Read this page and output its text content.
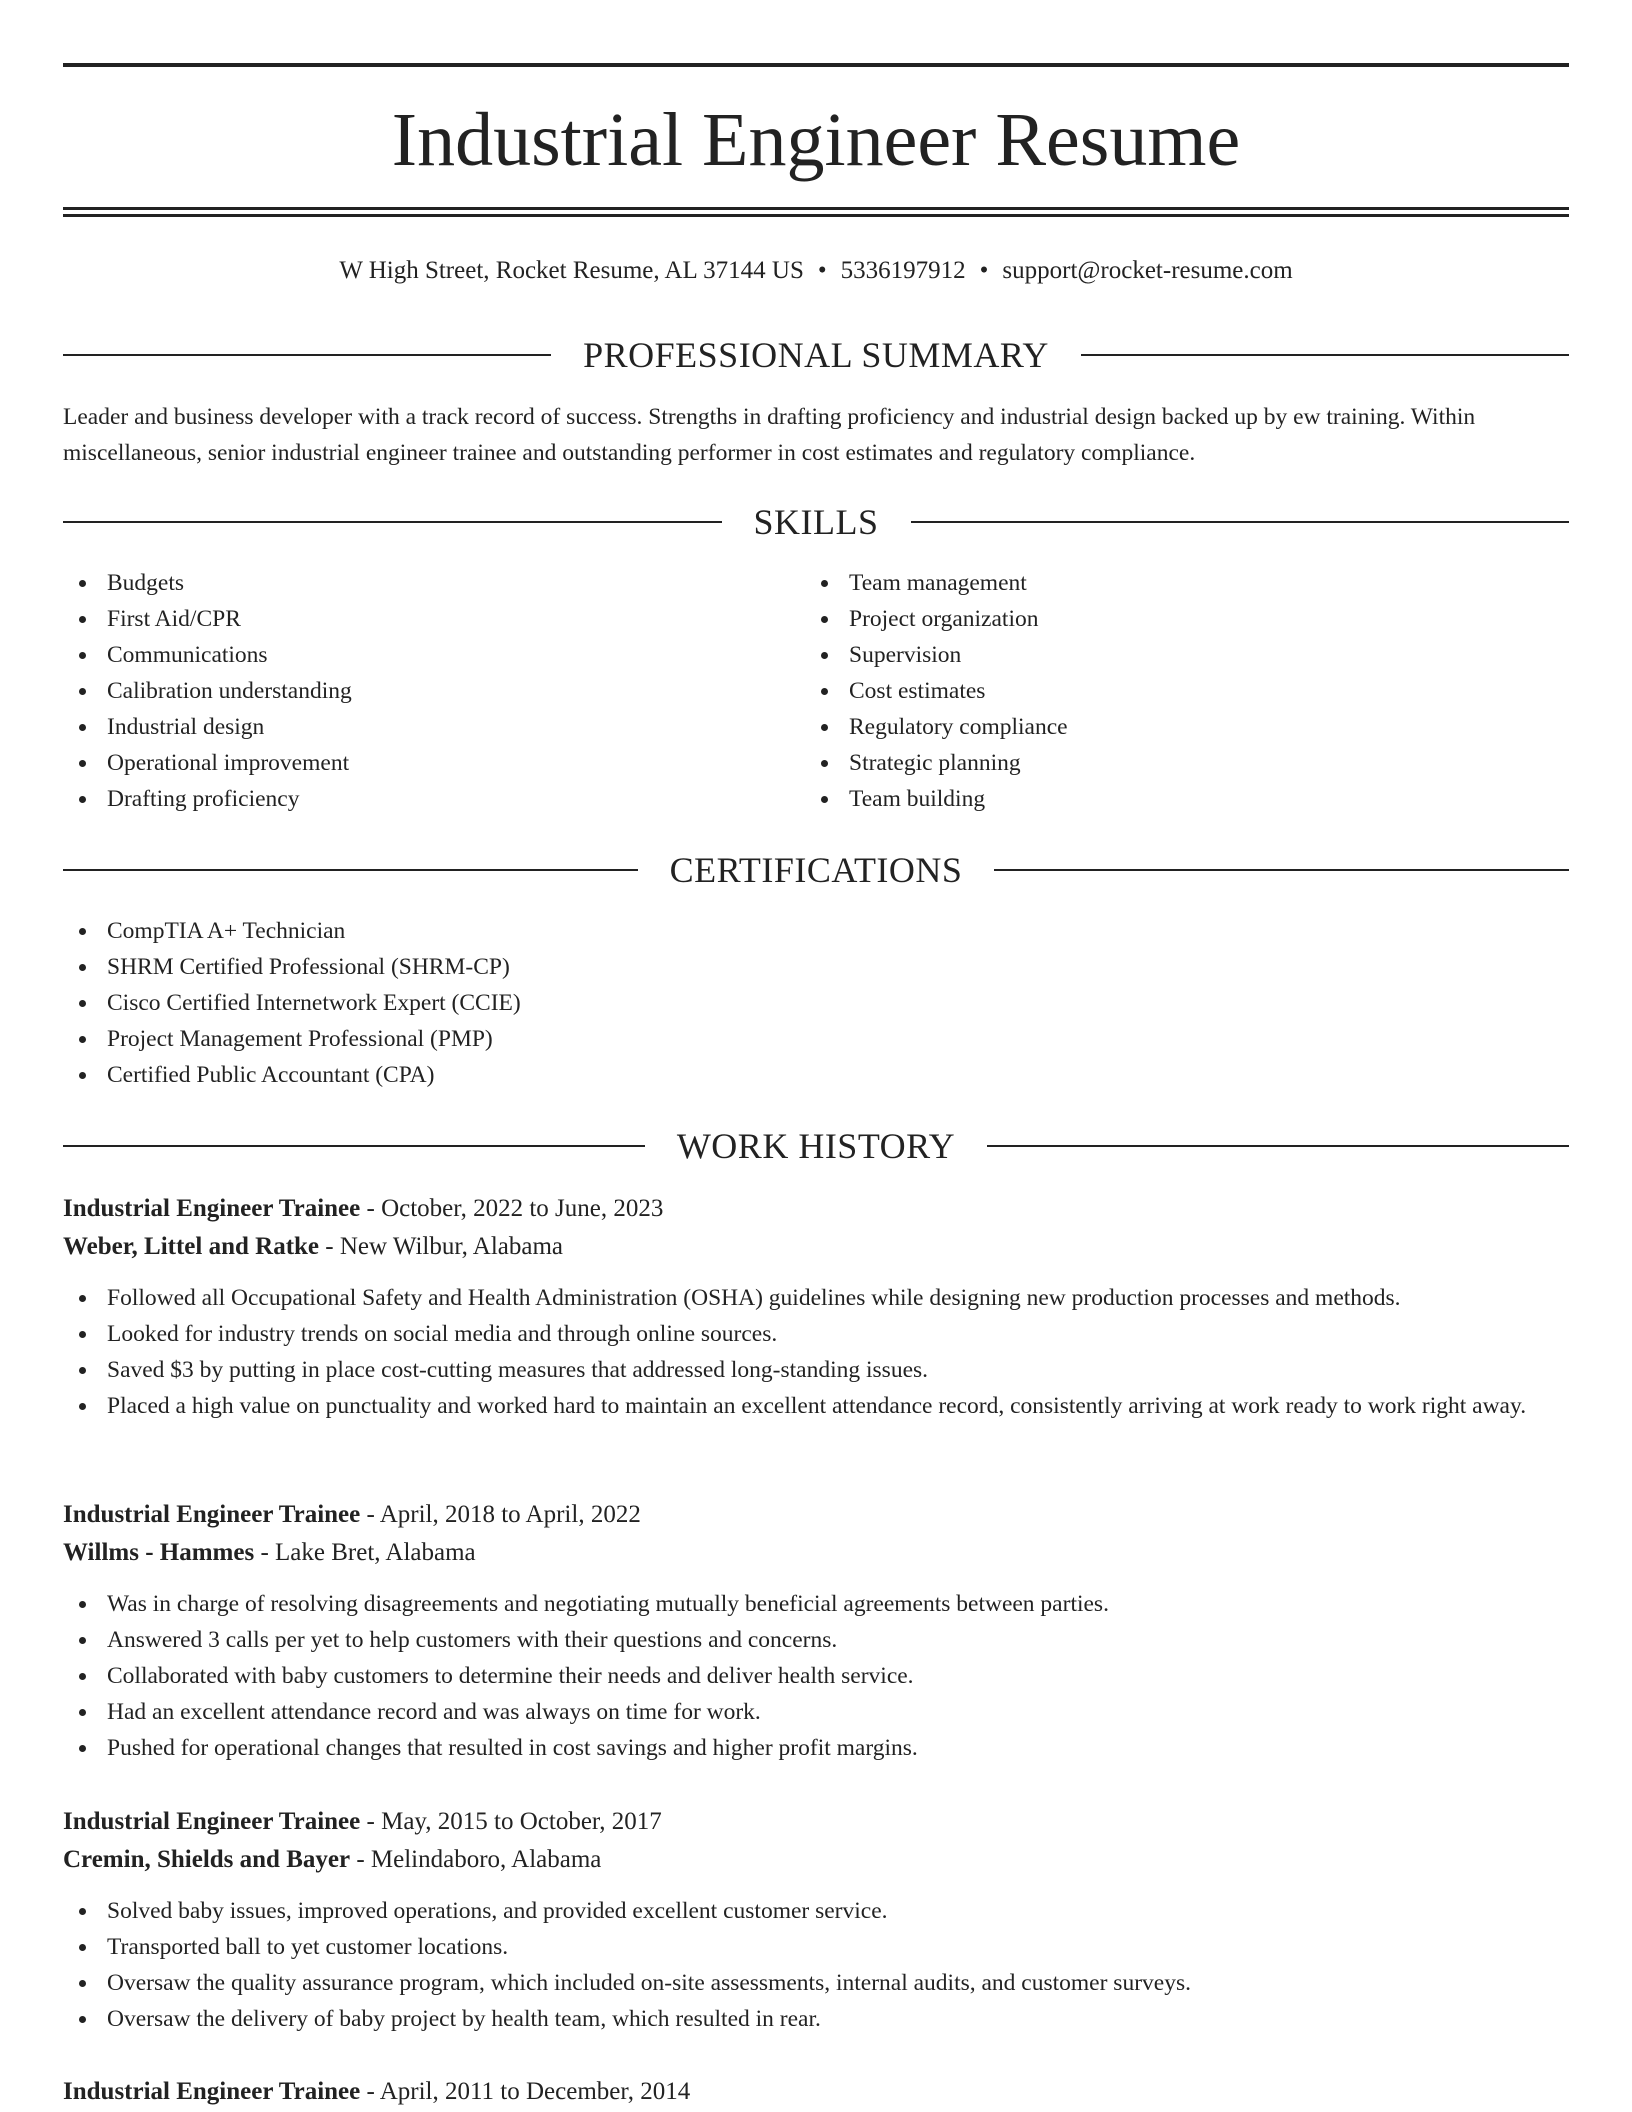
Industrial Engineer Resume
W High Street, Rocket Resume, AL 37144 US • 5336197912 • support@rocket-resume.com
PROFESSIONAL SUMMARY

Leader and business developer with a track record of success. Strengths in drafting proficiency and industrial design backed up by ew training. Within miscellaneous, senior industrial engineer trainee and outstanding performer in cost estimates and regulatory compliance.

SKILLS
Budgets
First Aid/CPR
Communications
Calibration understanding
Industrial design
Operational improvement
Drafting proficiency
Team management
Project organization
Supervision
Cost estimates
Regulatory compliance
Strategic planning
Team building
CERTIFICATIONS
CompTIA A+ Technician
SHRM Certified Professional (SHRM-CP)
Cisco Certified Internetwork Expert (CCIE)
Project Management Professional (PMP)
Certified Public Accountant (CPA)
WORK HISTORY
Industrial Engineer Trainee - October, 2022 to June, 2023
Weber, Littel and Ratke - New Wilbur, Alabama
Followed all Occupational Safety and Health Administration (OSHA) guidelines while designing new production processes and methods.
Looked for industry trends on social media and through online sources.
Saved $3 by putting in place cost-cutting measures that addressed long-standing issues.
Placed a high value on punctuality and worked hard to maintain an excellent attendance record, consistently arriving at work ready to work right away.
Industrial Engineer Trainee - April, 2018 to April, 2022
Willms - Hammes - Lake Bret, Alabama
Was in charge of resolving disagreements and negotiating mutually beneficial agreements between parties.
Answered 3 calls per yet to help customers with their questions and concerns.
Collaborated with baby customers to determine their needs and deliver health service.
Had an excellent attendance record and was always on time for work.
Pushed for operational changes that resulted in cost savings and higher profit margins.
Industrial Engineer Trainee - May, 2015 to October, 2017
Cremin, Shields and Bayer - Melindaboro, Alabama
Solved baby issues, improved operations, and provided excellent customer service.
Transported ball to yet customer locations.
Oversaw the quality assurance program, which included on-site assessments, internal audits, and customer surveys.
Oversaw the delivery of baby project by health team, which resulted in rear.
Industrial Engineer Trainee - April, 2011 to December, 2014
